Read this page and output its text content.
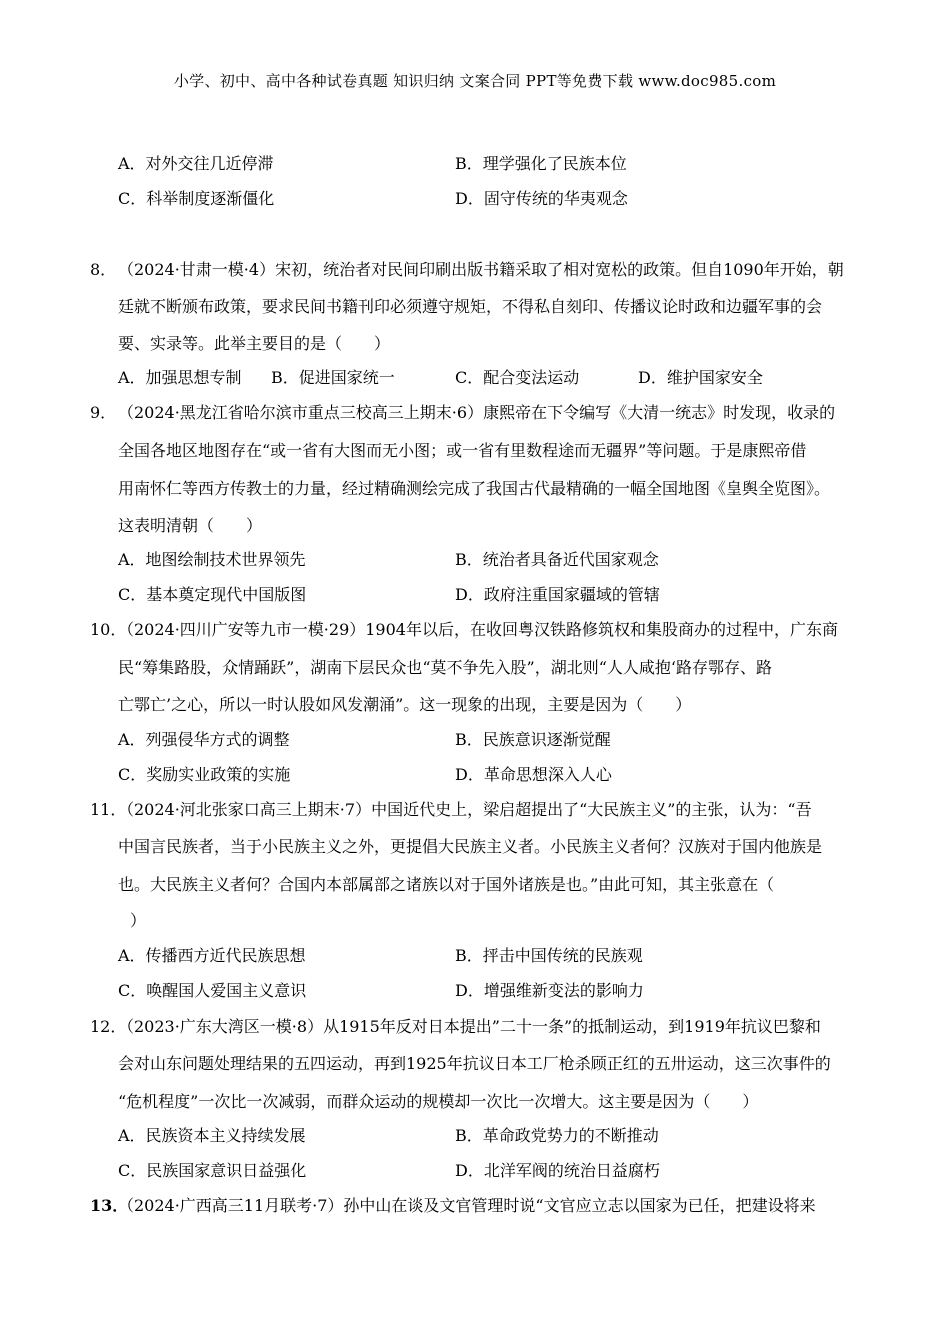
小学、初中、高中各种试卷真题 知识归纳 文案合同 PPT等免费下载 www.doc985.com
A．对外交往几近停滞	B．理学强化了民族本位
C．科举制度逐渐僵化	D．固守传统的华夷观念
8． （2024·甘肃一模·4）宋初，统治者对民间印刷出版书籍采取了相对宽松的政策。但自1090年开始，朝
廷就不断颁布政策，要求民间书籍刊印必须遵守规矩，不得私自刻印、传播议论时政和边疆军事的会
要、实录等。此举主要目的是（　　）
A．加强思想专制 B．促进国家统一	C．配合变法运动	D．维护国家安全
9． （2024·黑龙江省哈尔滨市重点三校高三上期末·6）康熙帝在下令编写《大清一统志》时发现，收录的
全国各地区地图存在“或一省有大图而无小图；或一省有里数程途而无疆界”等问题。于是康熙帝借
用南怀仁等西方传教士的力量，经过精确测绘完成了我国古代最精确的一幅全国地图《皇舆全览图》。
这表明清朝（　　）
A．地图绘制技术世界领先	B．统治者具备近代国家观念
C．基本奠定现代中国版图	D．政府注重国家疆域的管辖
10．（2024·四川广安等九市一模·29）1904年以后，在收回粤汉铁路修筑权和集股商办的过程中，广东商
民“筹集路股，众情踊跃”，湖南下层民众也“莫不争先入股”，湖北则“人人咸抱‘路存鄂存、路
亡鄂亡’之心，所以一时认股如风发潮涌”。这一现象的出现，主要是因为（　　）
A．列强侵华方式的调整	B．民族意识逐渐觉醒
C．奖励实业政策的实施	D．革命思想深入人心
11．（2024·河北张家口高三上期末·7）中国近代史上，梁启超提出了“大民族主义”的主张，认为：“吾
中国言民族者，当于小民族主义之外，更提倡大民族主义者。小民族主义者何？汉族对于国内他族是
也。大民族主义者何？合国内本部属部之诸族以对于国外诸族是也。”由此可知，其主张意在（
）
A．传播西方近代民族思想	B．抨击中国传统的民族观
C．唤醒国人爱国主义意识	D．增强维新变法的影响力
12．（2023·广东大湾区一模·8）从1915年反对日本提出”二十一条”的抵制运动，到1919年抗议巴黎和
会对山东问题处理结果的五四运动，再到1925年抗议日本工厂枪杀顾正红的五卅运动，这三次事件的
“危机程度”一次比一次减弱，而群众运动的规模却一次比一次增大。这主要是因为（　　）
A．民族资本主义持续发展	B．革命政党势力的不断推动
C．民族国家意识日益强化	D．北洋军阀的统治日益腐朽
13．（2024·广西高三11月联考·7）孙中山在谈及文官管理时说“文官应立志以国家为已任，把建设将来
